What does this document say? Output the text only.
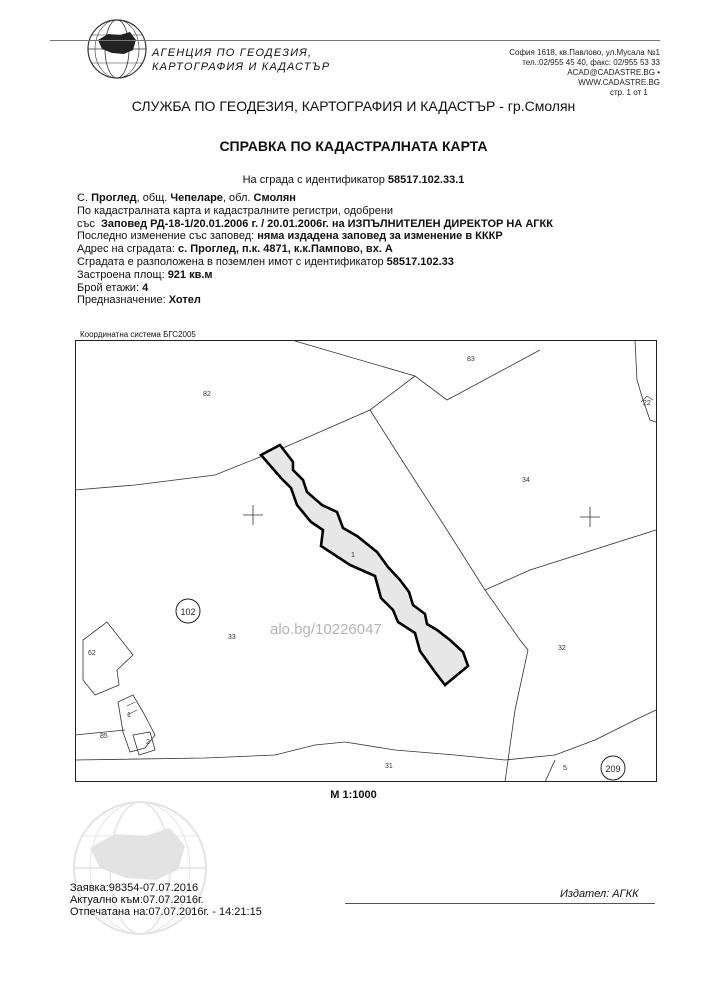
АГЕНЦИЯ ПО ГЕОДЕЗИЯ,
КАРТОГРАФИЯ И КАДАСТЪР
София 1618, кв.Павлово, ул.Мусала №1
тел.:02/955 45 40, факс: 02/955 53 33
ACAD@CADASTRE.BG • WWW.CADASTRE.BG
стр. 1 от 1
СЛУЖБА ПО ГЕОДЕЗИЯ, КАРТОГРАФИЯ И КАДАСТЪР - гр.Смолян
СПРАВКА ПО КАДАСТРАЛНАТА КАРТА
На сграда с идентификатор 58517.102.33.1
С. Проглед, общ. Чепеларе, обл. Смолян
По кадастралната карта и кадастралните регистри, одобрени
със Заповед РД-18-1/20.01.2006 г. / 20.01.2006г. на ИЗПЪЛНИТЕЛЕН ДИРЕКТОР НА АГКК
Последно изменение със заповед: няма издадена заповед за изменение в КККР
Адрес на сградата: с. Проглед, п.к. 4871, к.к.Пампово, вх. А
Сградата е разположена в поземлен имот с идентификатор 58517.102.33
Застроена площ: 921 кв.м
Брой етажи: 4
Предназначение: Хотел
Координатна система БГС2005
82
83
22
34
1
33
32
62
85
1
2
31	5
102
209
alo.bg/10226047
М 1:1000
Издател: АГКК
Заявка:98354-07.07.2016
Актуално към:07.07.2016г.
Отпечатана на:07.07.2016г. - 14:21:15
